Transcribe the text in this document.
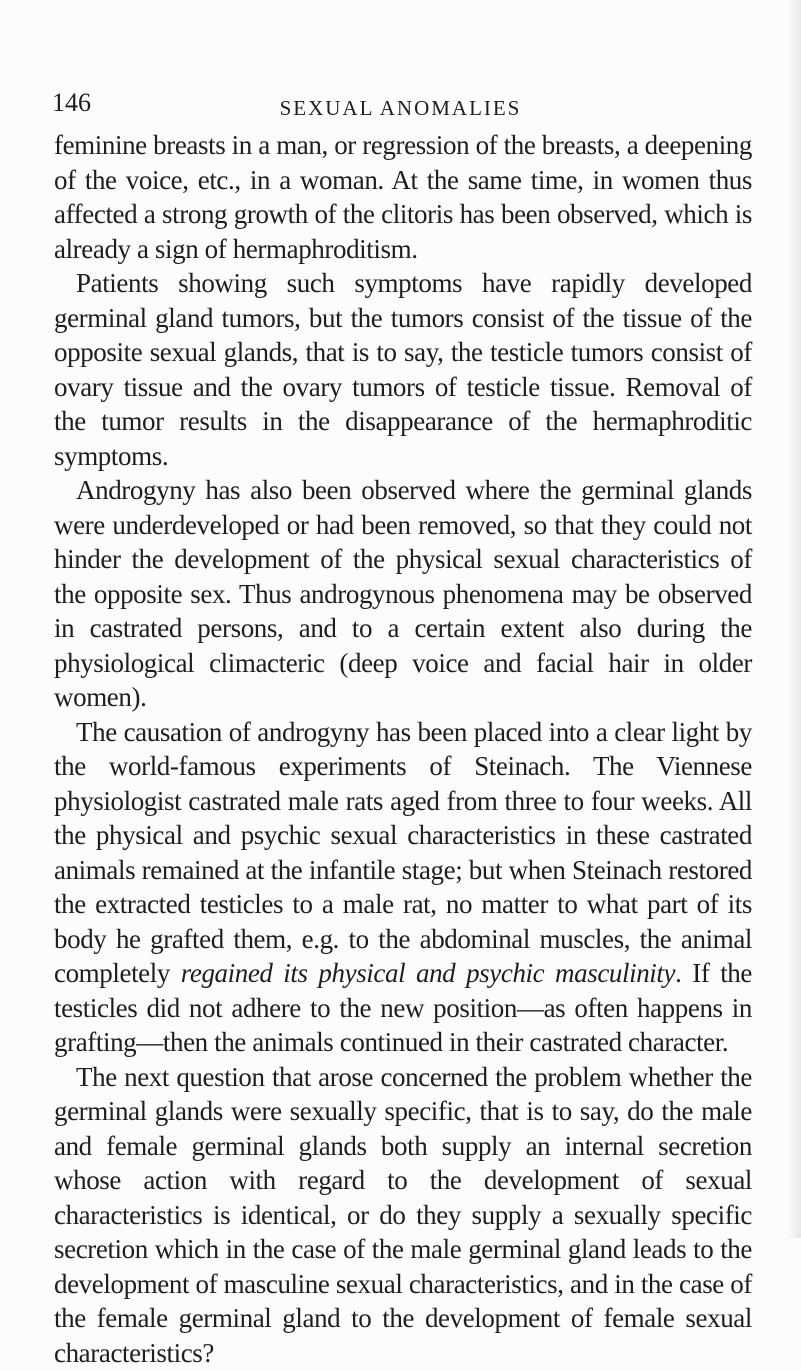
146	SEXUAL ANOMALIES

feminine breasts in a man, or regression of the breasts, a deepening of the voice, etc., in a woman. At the same time, in women thus affected a strong growth of the clitoris has been observed, which is already a sign of hermaphroditism.

Patients showing such symptoms have rapidly developed germinal gland tumors, but the tumors consist of the tissue of the opposite sexual glands, that is to say, the testicle tumors consist of ovary tissue and the ovary tumors of testicle tissue. Removal of the tumor results in the disappearance of the hermaphroditic symptoms.

Androgyny has also been observed where the germinal glands were underdeveloped or had been removed, so that they could not hinder the development of the physical sexual characteristics of the opposite sex. Thus androgynous phenomena may be observed in castrated persons, and to a certain extent also during the physiological climacteric (deep voice and facial hair in older women).

The causation of androgyny has been placed into a clear light by the world-famous experiments of Steinach. The Viennese physiologist castrated male rats aged from three to four weeks. All the physical and psychic sexual characteristics in these castrated animals remained at the infantile stage; but when Steinach restored the extracted testicles to a male rat, no matter to what part of its body he grafted them, e.g. to the abdominal muscles, the animal completely regained its physical and psychic masculinity. If the testicles did not adhere to the new position—as often happens in grafting—then the animals continued in their castrated character.

The next question that arose concerned the problem whether the germinal glands were sexually specific, that is to say, do the male and female germinal glands both supply an internal secretion whose action with regard to the development of sexual characteristics is identical, or do they supply a sexually specific secretion which in the case of the male germinal gland leads to the development of masculine sexual characteristics, and in the case of the female germinal gland to the development of female sexual characteristics?
